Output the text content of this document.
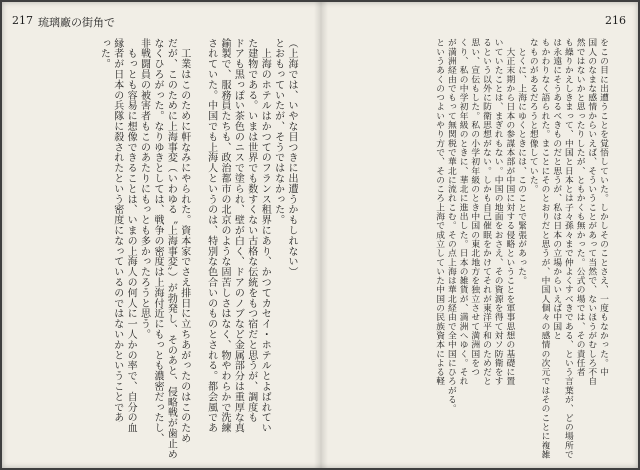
217 琉璃廠の街角で
（上海では、いやな目つきに出遭うかもしれない）
とおもっていたが、そうではなかった。
　上海のホテルはかつてのフランス租界にあり、かつてカセイ・ホテルとよばれてい
た建物である。いまは世界でも数すくない古格な伝統をもつ宿だと思うが、調度も
ドアも黒っぽい茶色のニスで塗られ、壁が白く、ドアのノブなど金属部分は重厚な真
鍮製で、服務員たちも、政治都市の北京のような固苦しさはなく、物やわらかで洗練
されていた。中国でも上海人というのは、特別な色合いのものとされる。都会風であ

　工業はこのために軒なみにやられた。資本家でさえ排日に立ちあがったのはこのため
だが、このために上海事変（いわゆる〝上海事変〟）が勃発し、そのあと、侵略戦が歯止め
なくひろがった。なりゆきとしては、戦争の密度は上海付近にもっとも濃密だったし、
非戦闘員の被害者もこのあたりにもっとも多かったろうと思う。
　もっとも容易に想像できることは、いまの上海人の何人に一人かの率で、自分の血
縁者が日本の兵隊に殺されたという密度になっているのではないかということであ
った。
216
をこの目に出遭うことを覚悟していた。しかしそのことさえ、一度もなかった。中
国人のなまな感情からいえば、そういうことがあって当然で、ないほうがむしろ不自
然ではないかと思ったりしたが、ともかくも無かった。公式の場では、その責任者
も繰りかえしきまって、中国と日本とは子々孫々まで仲よくすべきである、という言葉が、どの場所で
は永遠にそうあるべきものだと思うが、私は日本の立場からいえば中国と
もかわりなく語られた。まことにそのとおりだと思うが、中国人個々の感情の次元ではそのことに複雑
なものがあるだろうと想像していた。
　とくに、上海にゆくときには、このことで緊張があった。
　大正末期から日本の参謀本部が中国に対する侵略ということを軍事思想の基礎に置
いていたことは、まぎれもない。中国の地面をおさえ、その資源を得て対ソ防衛をす
るという以外に防衛思想がない。しかも自己催眠をかけてそれが東洋平和のためだと
思い、宣伝もした。私の小学初年級のとき中国の東北地方を独立させて満洲国をつ
くり、私の中学初年級のときに、華北に進出した。日本の雑貨が、満洲へゆく。それ
が満洲経由でもって無関税で華北に流れこむ。その点上海は華北経由で全中国にひろがる。
というあくのつよいやり方で、そのころ上海で成立していた中国の民族資本による軽
